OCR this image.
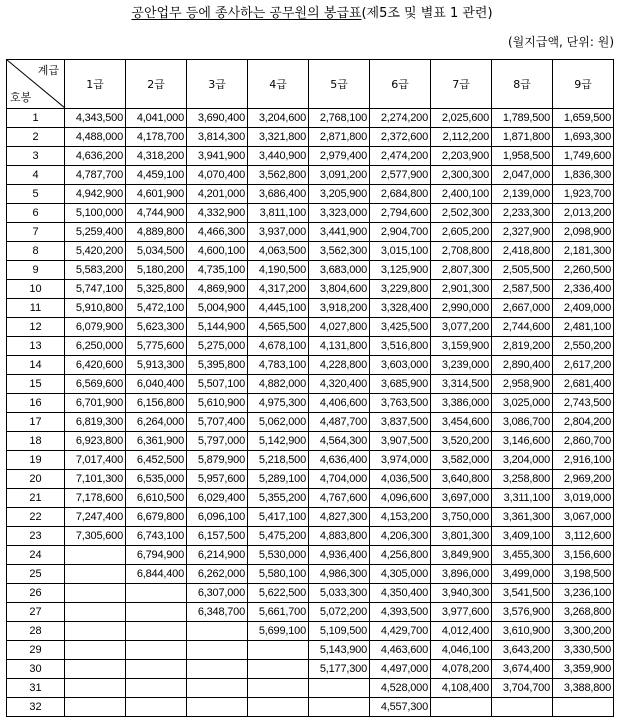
공안업무 등에 종사하는 공무원의 봉급표(제5조 및 별표 1 관련)
(월지급액, 단위: 원)
계급
호봉	1급	2급	3급	4급	5급	6급	7급	8급	9급
1	4,343,500	4,041,000	3,690,400	3,204,600	2,768,100	2,274,200	2,025,600	1,789,500	1,659,500
2	4,488,000	4,178,700	3,814,300	3,321,800	2,871,800	2,372,600	2,112,200	1,871,800	1,693,300
3	4,636,200	4,318,200	3,941,900	3,440,900	2,979,400	2,474,200	2,203,900	1,958,500	1,749,600
4	4,787,700	4,459,100	4,070,400	3,562,800	3,091,200	2,577,900	2,300,300	2,047,000	1,836,300
5	4,942,900	4,601,900	4,201,000	3,686,400	3,205,900	2,684,800	2,400,100	2,139,000	1,923,700
6	5,100,000	4,744,900	4,332,900	3,811,100	3,323,000	2,794,600	2,502,300	2,233,300	2,013,200
7	5,259,400	4,889,800	4,466,300	3,937,000	3,441,900	2,904,700	2,605,200	2,327,900	2,098,900
8	5,420,200	5,034,500	4,600,100	4,063,500	3,562,300	3,015,100	2,708,800	2,418,800	2,181,300
9	5,583,200	5,180,200	4,735,100	4,190,500	3,683,000	3,125,900	2,807,300	2,505,500	2,260,500
10	5,747,100	5,325,800	4,869,900	4,317,200	3,804,600	3,229,800	2,901,300	2,587,500	2,336,400
11	5,910,800	5,472,100	5,004,900	4,445,100	3,918,200	3,328,400	2,990,000	2,667,000	2,409,000
12	6,079,900	5,623,300	5,144,900	4,565,500	4,027,800	3,425,500	3,077,200	2,744,600	2,481,100
13	6,250,000	5,775,600	5,275,000	4,678,100	4,131,800	3,516,800	3,159,900	2,819,200	2,550,200
14	6,420,600	5,913,300	5,395,800	4,783,100	4,228,800	3,603,000	3,239,000	2,890,400	2,617,200
15	6,569,600	6,040,400	5,507,100	4,882,000	4,320,400	3,685,900	3,314,500	2,958,900	2,681,400
16	6,701,900	6,156,800	5,610,900	4,975,300	4,406,600	3,763,500	3,386,000	3,025,000	2,743,500
17	6,819,300	6,264,000	5,707,400	5,062,000	4,487,700	3,837,500	3,454,600	3,086,700	2,804,200
18	6,923,800	6,361,900	5,797,000	5,142,900	4,564,300	3,907,500	3,520,200	3,146,600	2,860,700
19	7,017,400	6,452,500	5,879,900	5,218,500	4,636,400	3,974,000	3,582,000	3,204,000	2,916,100
20	7,101,300	6,535,000	5,957,600	5,289,100	4,704,000	4,036,500	3,640,800	3,258,800	2,969,200
21	7,178,600	6,610,500	6,029,400	5,355,200	4,767,600	4,096,600	3,697,000	3,311,100	3,019,000
22	7,247,400	6,679,800	6,096,100	5,417,100	4,827,300	4,153,200	3,750,000	3,361,300	3,067,000
23	7,305,600	6,743,100	6,157,500	5,475,200	4,883,800	4,206,300	3,801,300	3,409,100	3,112,600
24		6,794,900	6,214,900	5,530,000	4,936,400	4,256,800	3,849,900	3,455,300	3,156,600
25		6,844,400	6,262,000	5,580,100	4,986,300	4,305,000	3,896,000	3,499,000	3,198,500
26			6,307,000	5,622,500	5,033,300	4,350,400	3,940,300	3,541,500	3,236,100
27			6,348,700	5,661,700	5,072,200	4,393,500	3,977,600	3,576,900	3,268,800
28				5,699,100	5,109,500	4,429,700	4,012,400	3,610,900	3,300,200
29					5,143,900	4,463,600	4,046,100	3,643,200	3,330,500
30					5,177,300	4,497,000	4,078,200	3,674,400	3,359,900
31						4,528,000	4,108,400	3,704,700	3,388,800
32						4,557,300			
